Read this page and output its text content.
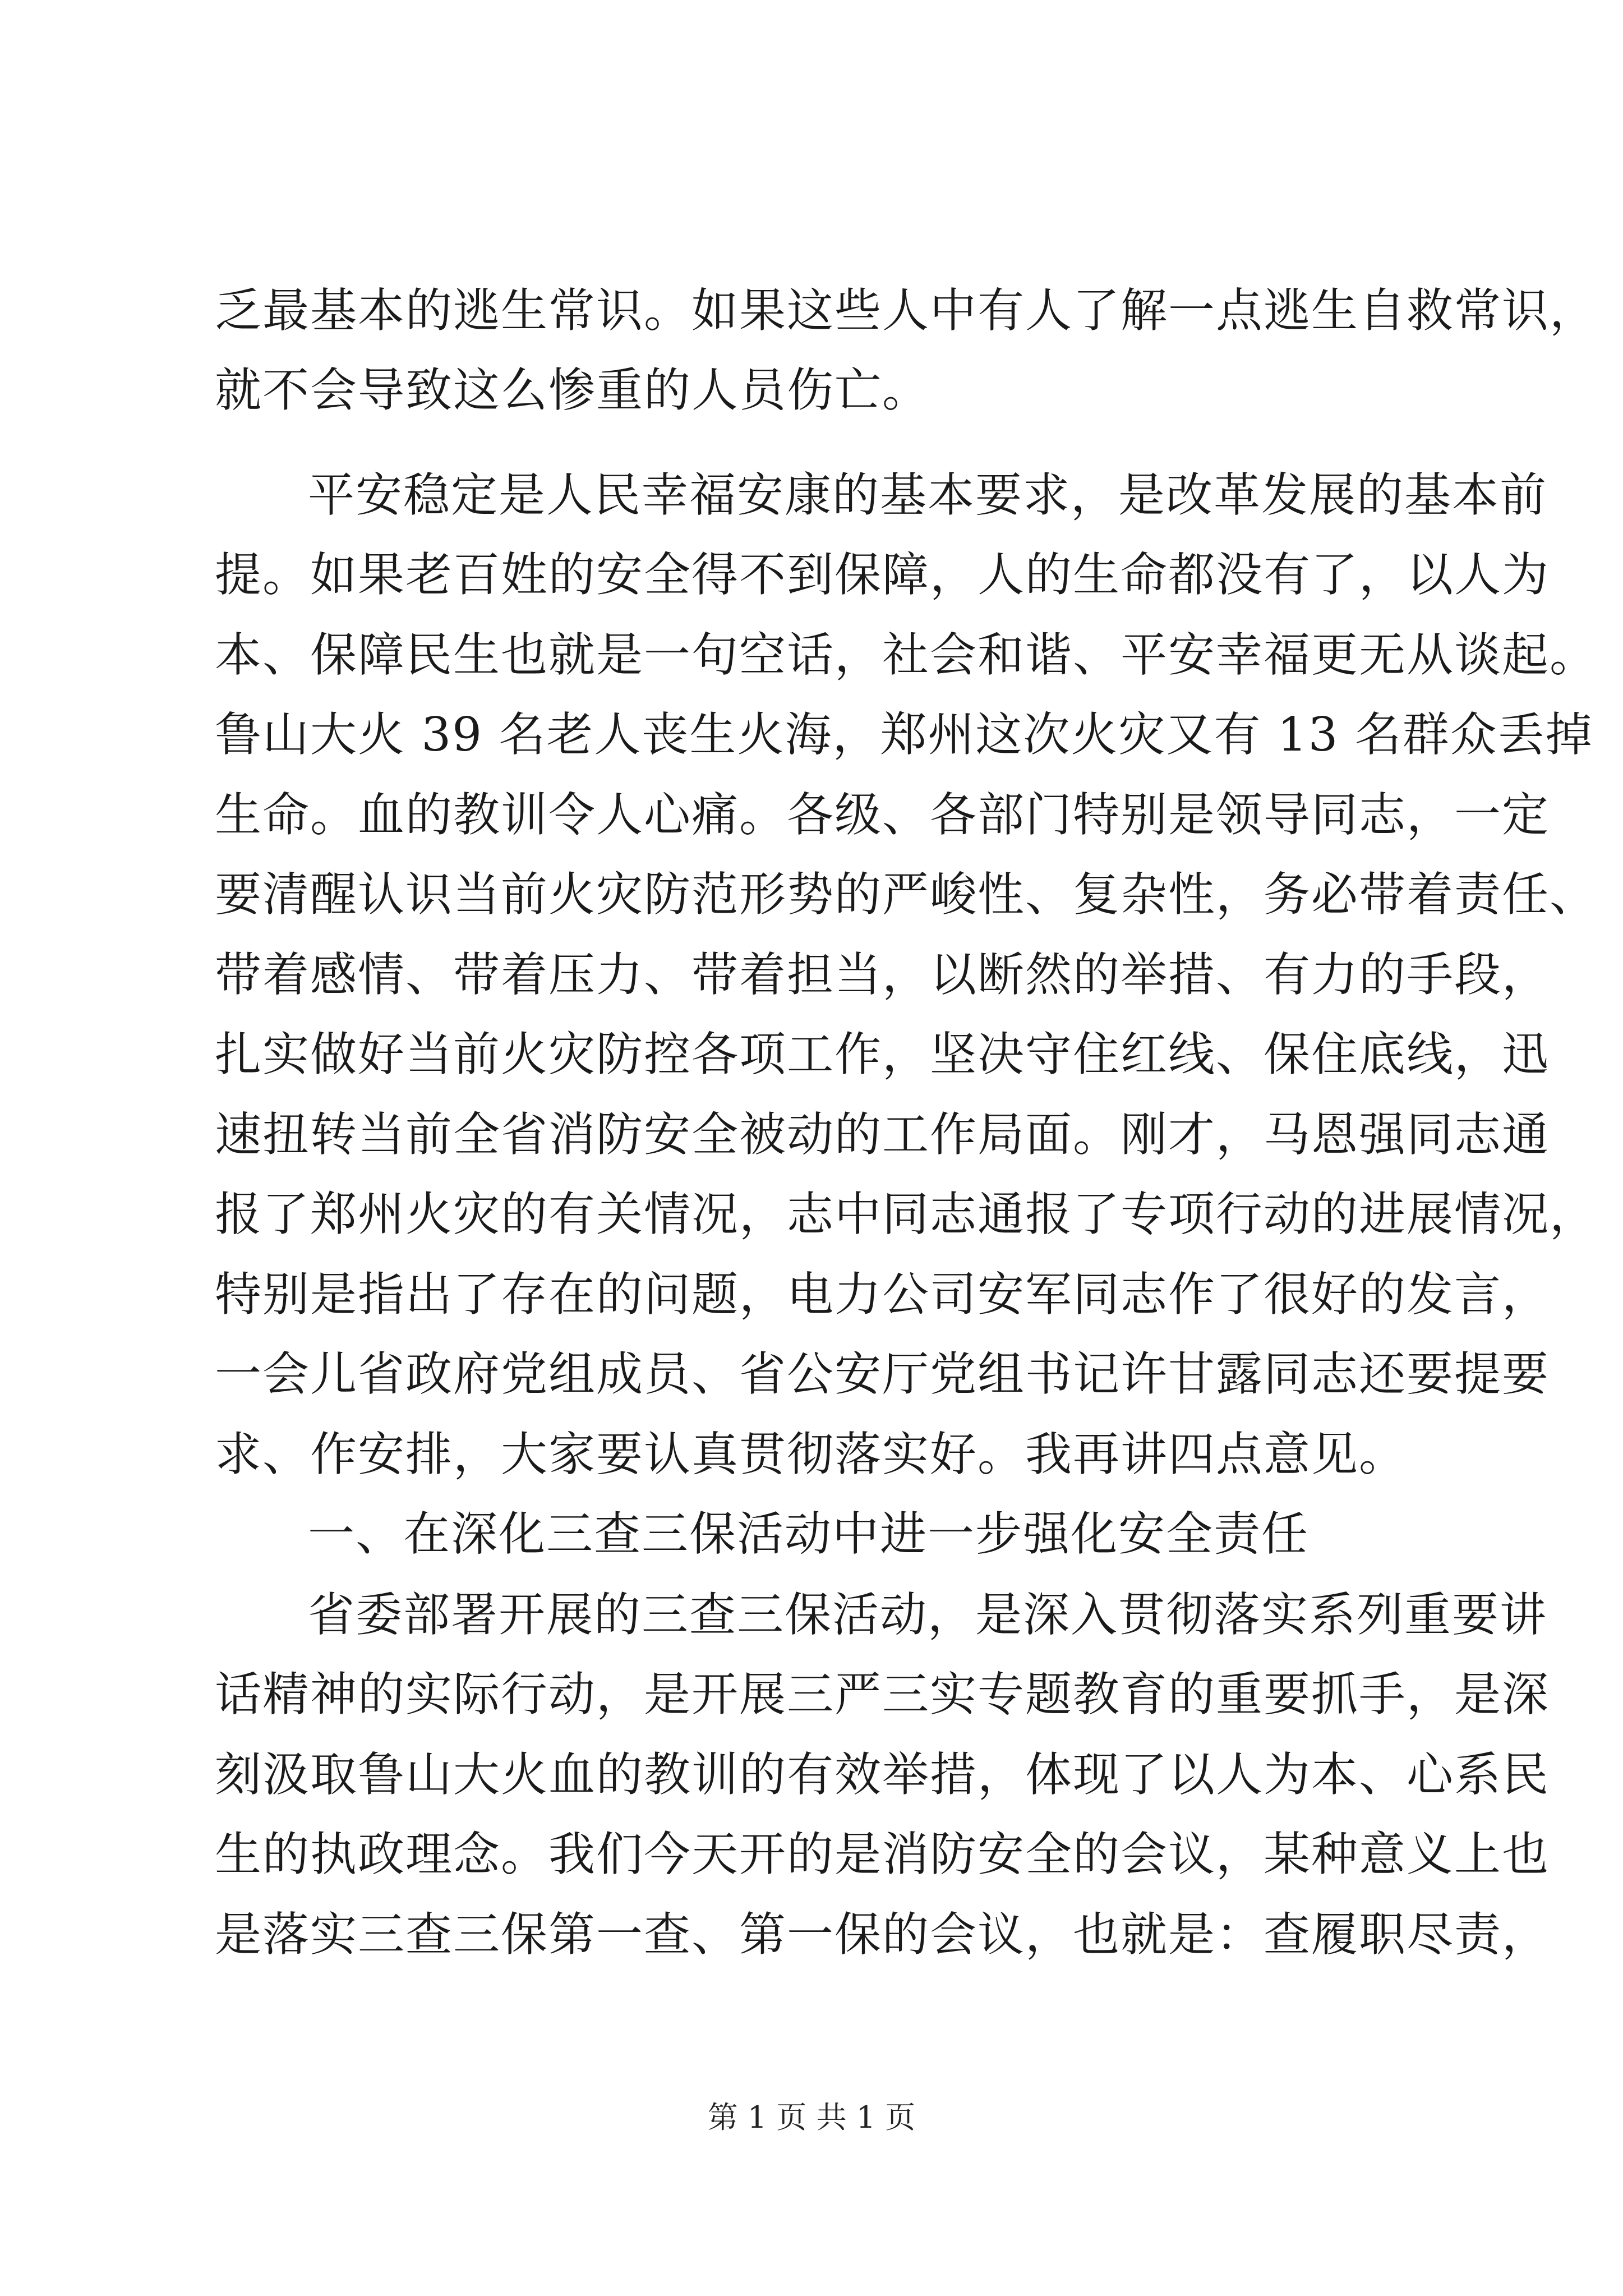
乏最基本的逃生常识。如果这些人中有人了解一点逃生自救常识，
就不会导致这么惨重的人员伤亡。
平安稳定是人民幸福安康的基本要求，是改革发展的基本前
提。如果老百姓的安全得不到保障，人的生命都没有了，以人为
本、保障民生也就是一句空话，社会和谐、平安幸福更无从谈起。
鲁山大火 39 名老人丧生火海，郑州这次火灾又有 13 名群众丢掉
生命。血的教训令人心痛。各级、各部门特别是领导同志，一定
要清醒认识当前火灾防范形势的严峻性、复杂性，务必带着责任、
带着感情、带着压力、带着担当，以断然的举措、有力的手段，
扎实做好当前火灾防控各项工作，坚决守住红线、保住底线，迅
速扭转当前全省消防安全被动的工作局面。刚才，马恩强同志通
报了郑州火灾的有关情况，志中同志通报了专项行动的进展情况，
特别是指出了存在的问题，电力公司安军同志作了很好的发言，
一会儿省政府党组成员、省公安厅党组书记许甘露同志还要提要
求、作安排，大家要认真贯彻落实好。我再讲四点意见。
一、在深化三查三保活动中进一步强化安全责任
省委部署开展的三查三保活动，是深入贯彻落实系列重要讲
话精神的实际行动，是开展三严三实专题教育的重要抓手，是深
刻汲取鲁山大火血的教训的有效举措，体现了以人为本、心系民
生的执政理念。我们今天开的是消防安全的会议，某种意义上也
是落实三查三保第一查、第一保的会议，也就是：查履职尽责，
第 1 页 共 1 页
